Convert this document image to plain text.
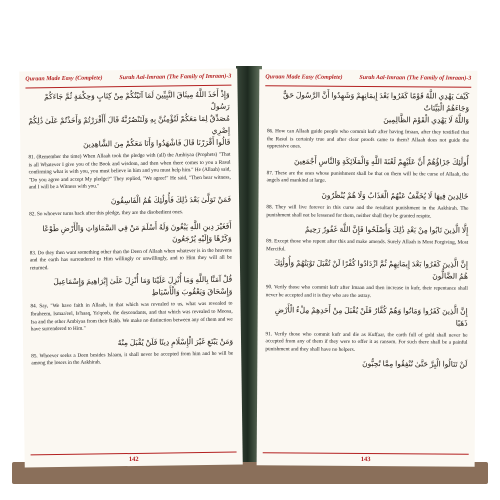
Quraan Made Easy (Complete)	Surah Aal-Imraan (The Family of Imraan)-3
وَإِذْ أَخَذَ اللَّهُ مِيثَاقَ النَّبِيِّينَ لَمَا آتَيْتُكُمْ مِنْ كِتَابٍ وَحِكْمَةٍ ثُمَّ جَاءَكُمْ رَسُولٌ
مُصَدِّقٌ لِمَا مَعَكُمْ لَتُؤْمِنُنَّ بِهِ وَلَتَنْصُرُنَّهُ قَالَ أَأَقْرَرْتُمْ وَأَخَذْتُمْ عَلَىٰ ذَٰلِكُمْ إِصْرِي
قَالُوا أَقْرَرْنَا قَالَ فَاشْهَدُوا وَأَنَا مَعَكُمْ مِنَ الشَّاهِدِينَ

81. (Remember the time) When Allaah took the pledge with (all) the Ambiyaa (Prophets) "That is all Whatever I give you of the Book and wisdom, and then when there comes to you a Rasul confirming what is with you, you must believe in him and you must help him." He (Allaah) said, "Do you agree and accept My pledge?" They replied, "We agree!" He said, "Then bear witness, and I will be a Witness with you."

فَمَنْ تَوَلَّىٰ بَعْدَ ذَٰلِكَ فَأُولَٰئِكَ هُمُ الْفَاسِقُونَ

82. So whoever turns back after this pledge, they are the disobedient ones.

أَفَغَيْرَ دِينِ اللَّهِ يَبْغُونَ وَلَهُ أَسْلَمَ مَنْ فِي السَّمَاوَاتِ وَالْأَرْضِ طَوْعًا وَكَرْهًا وَإِلَيْهِ يُرْجَعُونَ

83. Do they then want something other than the Deen of Allaah when whatever is in the heavens and the earth has surrendered to Him willingly or unwillingly, and to Him they will all be returned.

قُلْ آمَنَّا بِاللَّهِ وَمَا أُنْزِلَ عَلَيْنَا وَمَا أُنْزِلَ عَلَىٰ إِبْرَاهِيمَ وَإِسْمَاعِيلَ وَإِسْحَاقَ وَيَعْقُوبَ وَالْأَسْبَاطِ

84. Say, "We have faith in Allaah, in that which was revealed to us, what was revealed to Ibraheem, Ismaa'eel, Is'haaq, Ya'qoob, the descendants, and that which was revealed to Moosa, Isa and the other Ambiyaa from their Rabb. We make no distinction between any of them and we have surrendered to Him."

وَمَنْ يَبْتَغِ غَيْرَ الْإِسْلَامِ دِينًا فَلَنْ يُقْبَلَ مِنْهُ

85. Whoever seeks a Deen besides Islaam, it shall never be accepted from him and he will be among the losers in the Aakhirah.

142
Quraan Made Easy (Complete)	Surah Aal-Imraan (The Family of Imraan)-3
كَيْفَ يَهْدِي اللَّهُ قَوْمًا كَفَرُوا بَعْدَ إِيمَانِهِمْ وَشَهِدُوا أَنَّ الرَّسُولَ حَقٌّ وَجَاءَهُمُ الْبَيِّنَاتُ
وَاللَّهُ لَا يَهْدِي الْقَوْمَ الظَّالِمِينَ

86. How can Allaah guide people who commit kufr after having Imaan, after they testified that the Rasul is certainly true and after clear proofs came to them? Allaah does not guide the oppressive ones.

أُولَٰئِكَ جَزَاؤُهُمْ أَنَّ عَلَيْهِمْ لَعْنَةَ اللَّهِ وَالْمَلَائِكَةِ وَالنَّاسِ أَجْمَعِينَ

87. These are the ones whose punishment shall be that on them will be the curse of Allaah, the angels and mankind at large.

خَالِدِينَ فِيهَا لَا يُخَفَّفُ عَنْهُمُ الْعَذَابُ وَلَا هُمْ يُنْظَرُونَ

88. They will live forever in this curse and the resultant punishment in the Aakhirah. The punishment shall not be lessened for them, neither shall they be granted respite.

إِلَّا الَّذِينَ تَابُوا مِنْ بَعْدِ ذَٰلِكَ وَأَصْلَحُوا فَإِنَّ اللَّهَ غَفُورٌ رَحِيمٌ

89. Except those who repent after this and make amends. Surely Allaah is Most Forgiving, Most Merciful.

إِنَّ الَّذِينَ كَفَرُوا بَعْدَ إِيمَانِهِمْ ثُمَّ ازْدَادُوا كُفْرًا لَنْ تُقْبَلَ تَوْبَتُهُمْ وَأُولَٰئِكَ هُمُ الضَّالُّونَ

90. Verily those who commit kufr after Imaan and then increase in kufr, their repentance shall never be accepted and it is they who are the astray.

إِنَّ الَّذِينَ كَفَرُوا وَمَاتُوا وَهُمْ كُفَّارٌ فَلَنْ يُقْبَلَ مِنْ أَحَدِهِمْ مِلْءُ الْأَرْضِ ذَهَبًا

91. Verily those who commit kufr and die as Kuffaar, the earth full of gold shall never be accepted from any of them if they were to offer it as ransom. For such there shall be a painful punishment and they shall have no helpers.

لَنْ تَنَالُوا الْبِرَّ حَتَّىٰ تُنْفِقُوا مِمَّا تُحِبُّونَ
143
